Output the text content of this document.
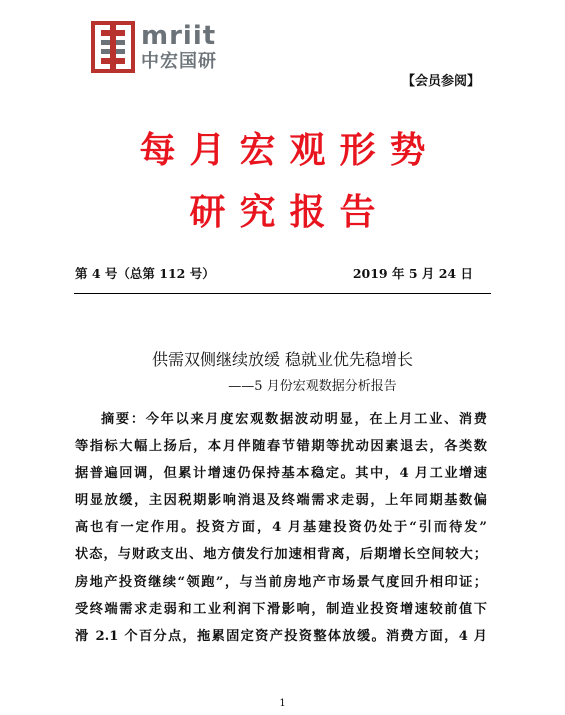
mriit
中宏国研
【会员参阅】
每月宏观形势
研究报告
第 4 号（总第 112 号）	2019 年 5 月 24 日
供需双侧继续放缓 稳就业优先稳增长
——5 月份宏观数据分析报告
摘要：今年以来月度宏观数据波动明显，在上月工业、消费
等指标大幅上扬后，本月伴随春节错期等扰动因素退去，各类数
据普遍回调，但累计增速仍保持基本稳定。其中，4 月工业增速
明显放缓，主因税期影响消退及终端需求走弱，上年同期基数偏
高也有一定作用。投资方面，4 月基建投资仍处于“引而待发”
状态，与财政支出、地方债发行加速相背离，后期增长空间较大；
房地产投资继续“领跑”，与当前房地产市场景气度回升相印证；
受终端需求走弱和工业利润下滑影响，制造业投资增速较前值下
滑 2.1 个百分点，拖累固定资产投资整体放缓。消费方面，4 月
1
